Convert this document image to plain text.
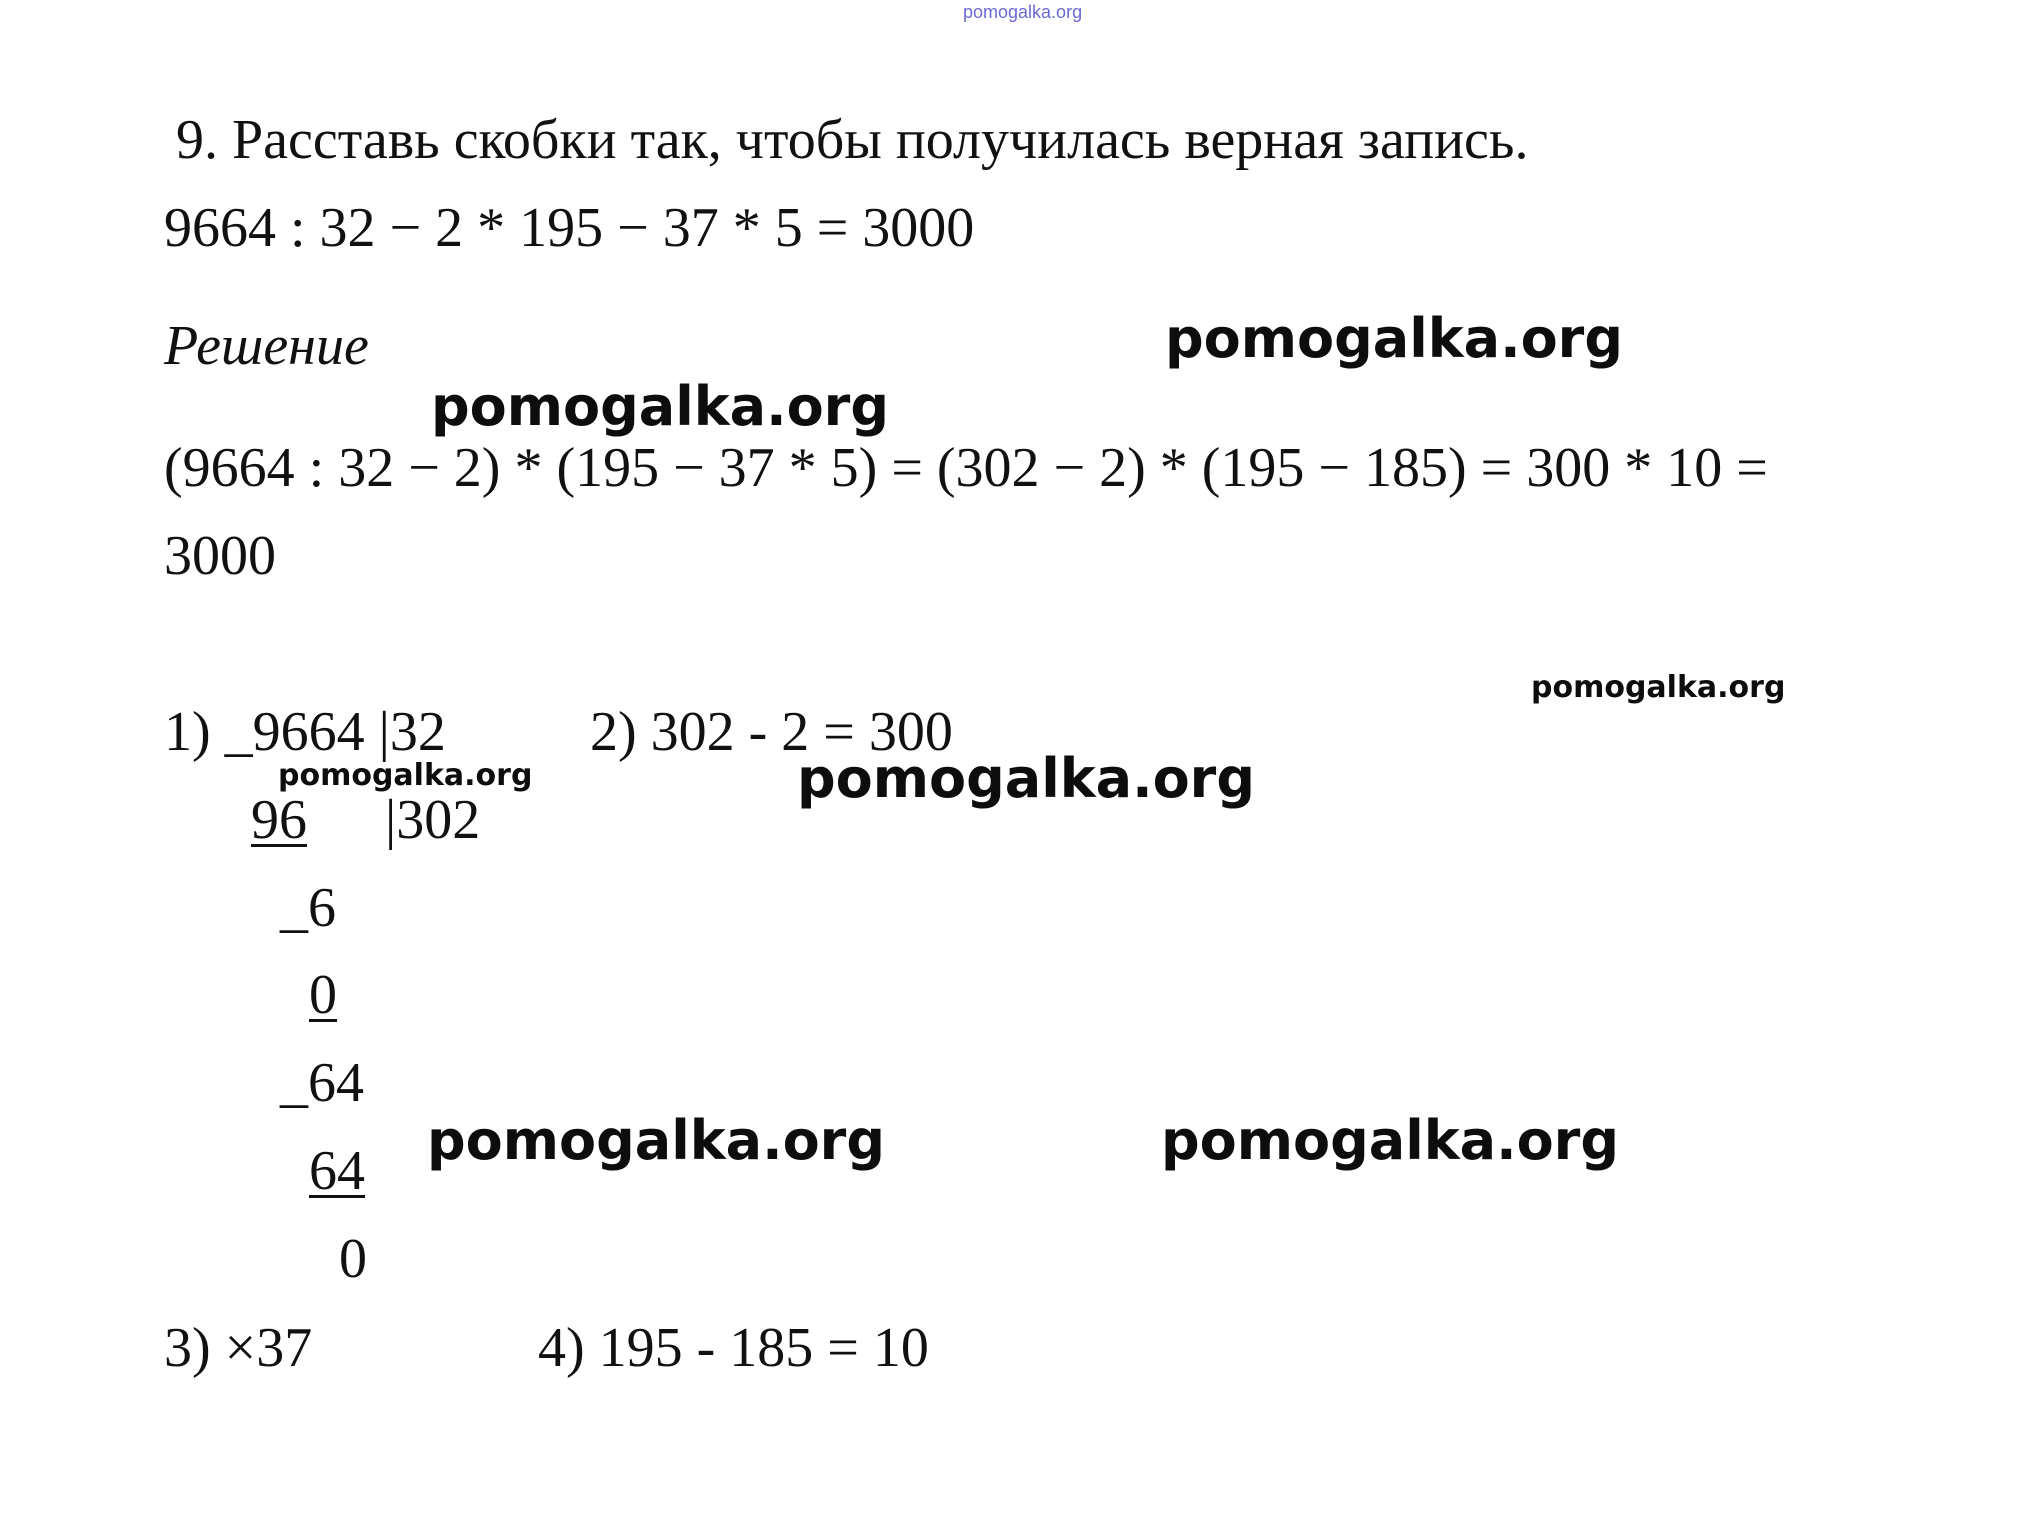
pomogalka.org
9. Расставь скобки так, чтобы получилась верная запись.
9664 : 32 − 2 * 195 − 37 * 5 = 3000
Решение
(9664 : 32 − 2) * (195 − 37 * 5) = (302 − 2) * (195 − 185) = 300 * 10 =
3000
1) _9664 |32
96 |302
_6
0
_64
64
0
2) 302 - 2 = 300
3) ×37	4) 195 - 185 = 10
pomogalka.org
pomogalka.org
pomogalka.org
pomogalka.org	pomogalka.org
pomogalka.org	pomogalka.org
